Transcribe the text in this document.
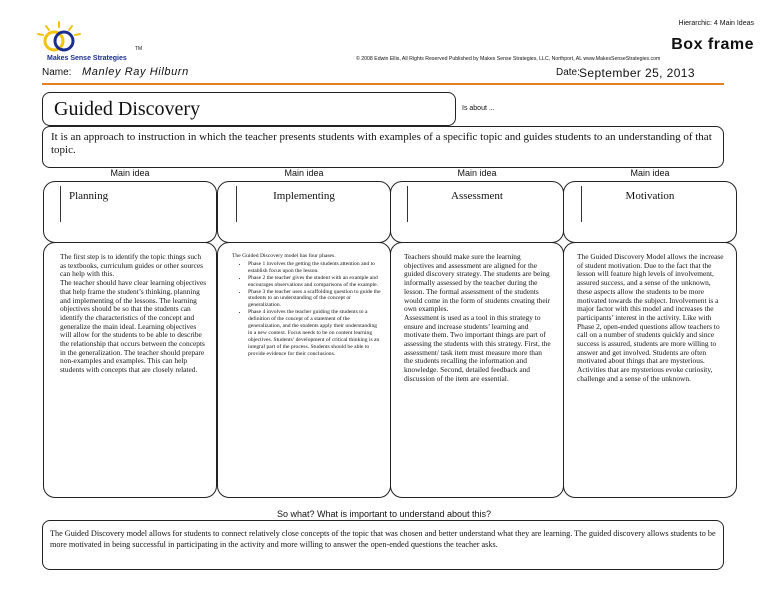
Makes Sense Strategies
TM
Hierarchic: 4 Main Ideas
Box frame
© 2008 Edwin Ellis, All Rights Reserved Published by Makes Sense Strategies, LLC, Northport, AL www.MakesSenseStrategies.com
Name: Manley Ray Hilburn	Date: September 25, 2013
Guided Discovery	Is about ...
It is an approach to instruction in which the teacher presents students with examples of a specific topic and guides students to an understanding of that topic.
Main idea
Planning
The first step is to identify the topic things such as textbooks, curriculum guides or other sources can help with this.
The teacher should have clear learning objectives that help frame the student’s thinking, planning and implementing of the lessons. The learning objectives should be so that the students can identify the characteristics of the concept and generalize the main ideal. Learning objectives will allow for the students to be able to describe the relationship that occurs between the concepts in the generalization. The teacher should prepare non-examples and examples. This can help students with concepts that are closely related.
Main idea
Implementing

The Guided Discovery model has four phases.

• Phase 1 involves the getting the students attention and to establish focus upon the lesson.
• Phase 2 the teacher gives the student with an example and encourages observations and comparisons of the example.
• Phase 3 the teacher uses a scaffolding question to guide the students to an understanding of the concept or generalization.
• Phase 4 involves the teacher guiding the students to a definition of the concept of a statement of the generalization, and the students apply their understanding in a new context. Focus needs to be on content learning objectives. Students’ development of critical thinking is an integral part of the process. Students should be able to provide evidence for their conclusions.
Main idea
Assessment
Teachers should make sure the learning objectives and assessment are aligned for the guided discovery strategy. The students are being informally assessed by the teacher during the lesson. The formal assessment of the students would come in the form of students creating their own examples.
Assessment is used as a tool in this strategy to ensure and increase students’ learning and motivate them. Two important things are part of assessing the students with this strategy. First, the assessment/ task item must measure more than the students recalling the information and knowledge. Second, detailed feedback and discussion of the item are essential.
Main idea
Motivation
The Guided Discovery Model allows the increase of student motivation. Due to the fact that the lesson will feature high levels of involvement, assured success, and a sense of the unknown, these aspects allow the students to be more motivated towards the subject. Involvement is a major factor with this model and increases the participants’ interest in the activity. Like with Phase 2, open-ended questions allow teachers to call on a number of students quickly and since success is assured, students are more willing to answer and get involved. Students are often motivated about things that are mysterious. Activities that are mysterious evoke curiosity, challenge and a sense of the unknown.
So what? What is important to understand about this?
The Guided Discovery model allows for students to connect relatively close concepts of the topic that was chosen and better understand what they are learning. The guided discovery allows students to be more motivated in being successful in participating in the activity and more willing to answer the open-ended questions the teacher asks.
